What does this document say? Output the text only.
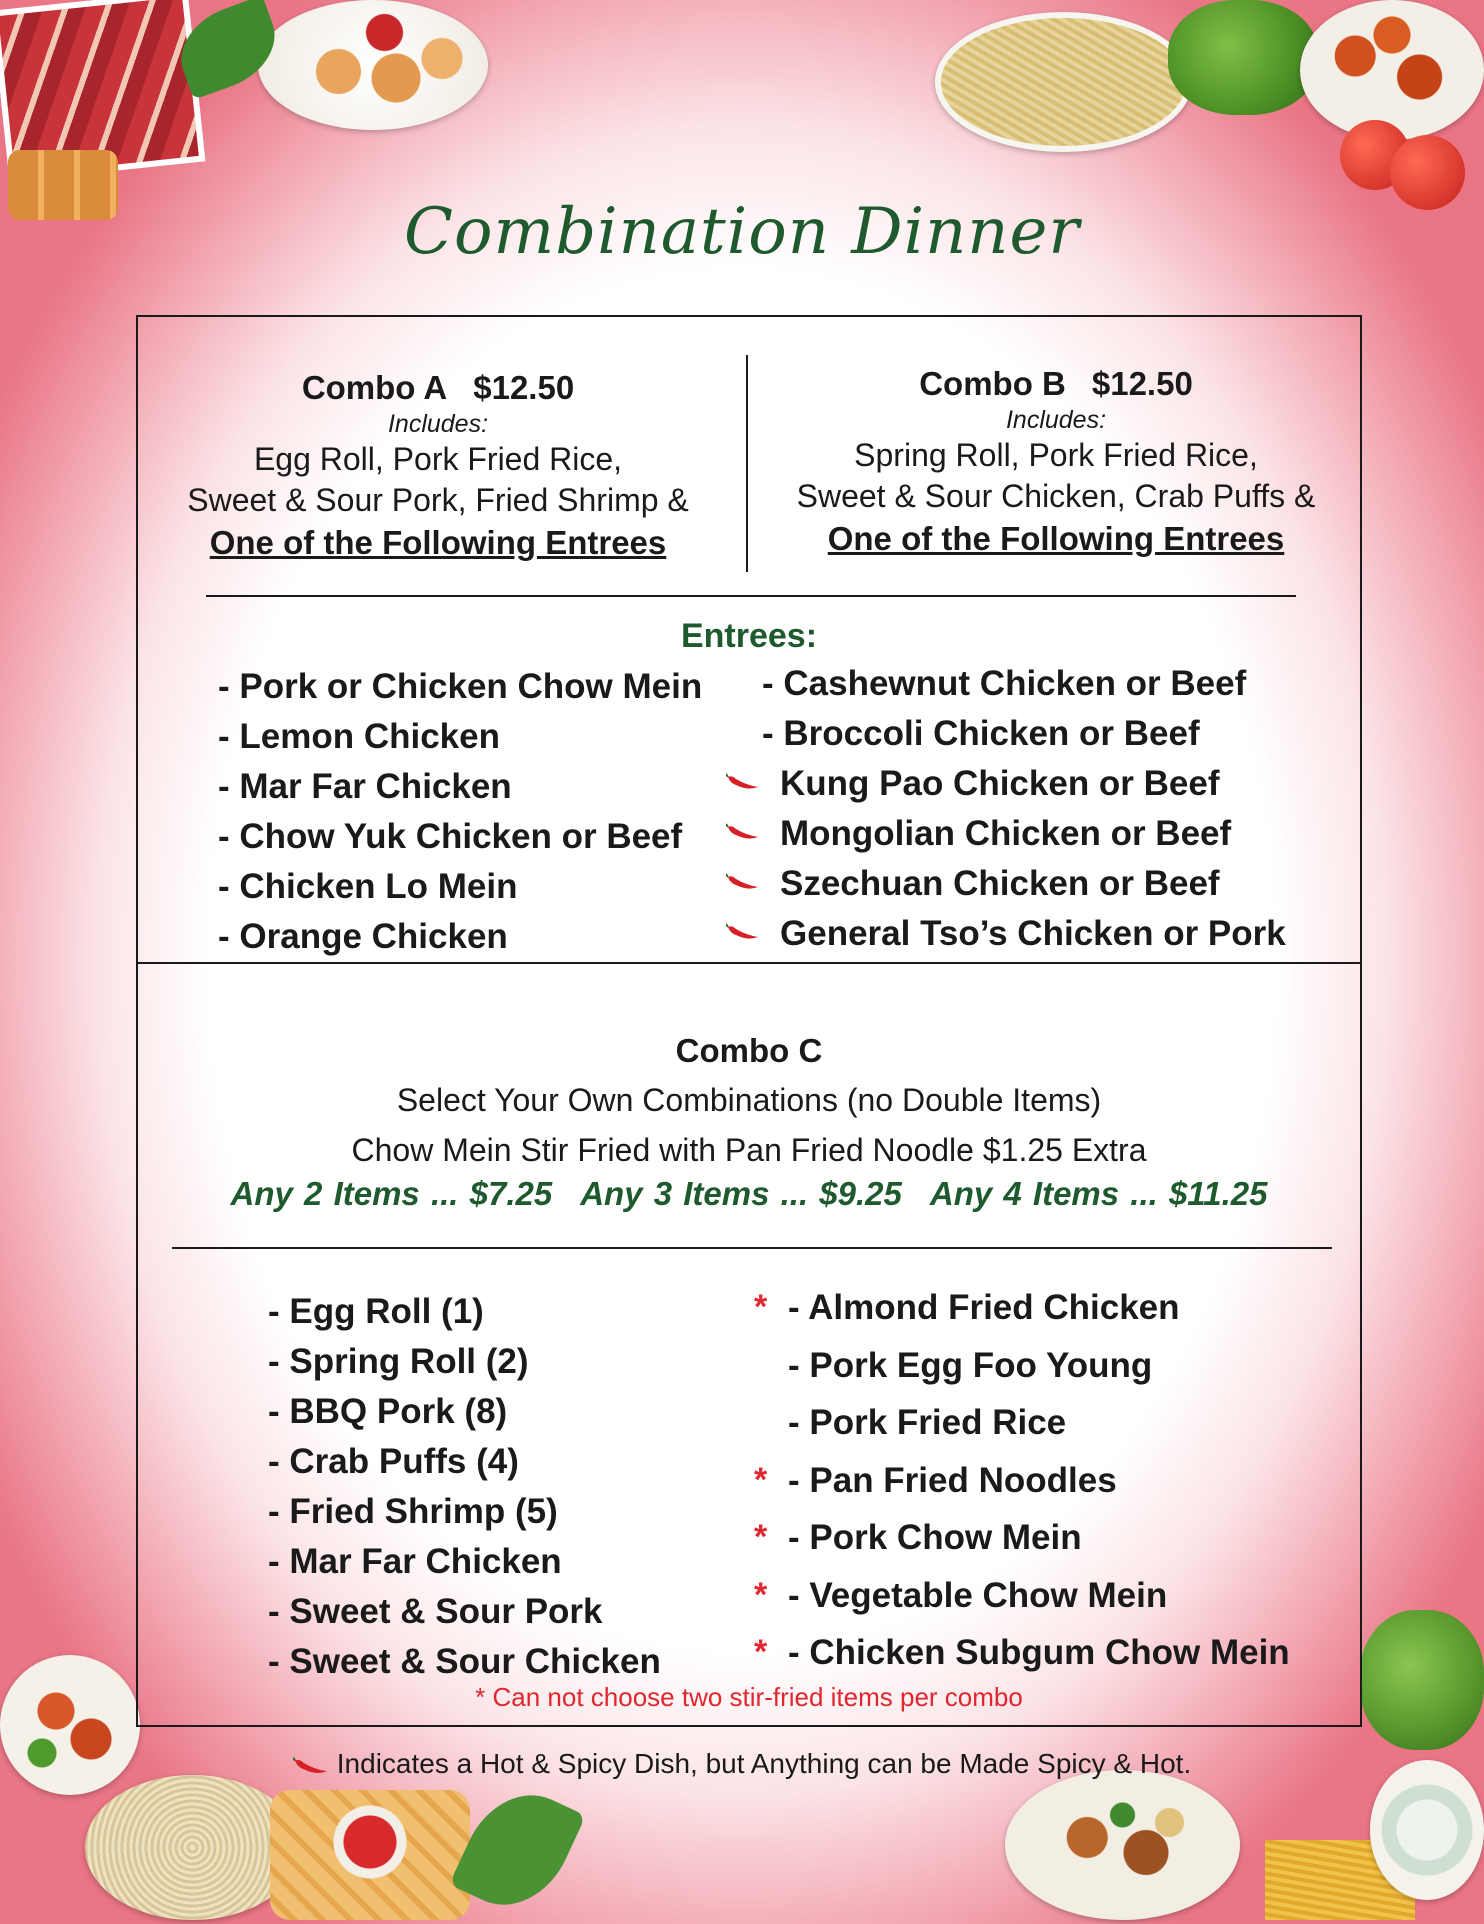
Combination Dinner
Combo A $12.50
Includes:
Egg Roll, Pork Fried Rice,
Sweet & Sour Pork, Fried Shrimp &
One of the Following Entrees
Combo B $12.50
Includes:
Spring Roll, Pork Fried Rice,
Sweet & Sour Chicken, Crab Puffs &
One of the Following Entrees
Entrees:
- Pork or Chicken Chow Mein
- Lemon Chicken
- Mar Far Chicken
- Chow Yuk Chicken or Beef
- Chicken Lo Mein
- Orange Chicken
- Cashewnut Chicken or Beef
- Broccoli Chicken or Beef
Kung Pao Chicken or Beef
Mongolian Chicken or Beef
Szechuan Chicken or Beef
General Tso’s Chicken or Pork
Combo C
Select Your Own Combinations (no Double Items)
Chow Mein Stir Fried with Pan Fried Noodle $1.25 Extra
Any 2 Items ... $7.25 Any 3 Items ... $9.25 Any 4 Items ... $11.25
- Egg Roll (1)
- Spring Roll (2)
- BBQ Pork (8)
- Crab Puffs (4)
- Fried Shrimp (5)
- Mar Far Chicken
- Sweet & Sour Pork
- Sweet & Sour Chicken
* - Almond Fried Chicken
- Pork Egg Foo Young
- Pork Fried Rice
* - Pan Fried Noodles
* - Pork Chow Mein
* - Vegetable Chow Mein
* - Chicken Subgum Chow Mein
* Can not choose two stir-fried items per combo
Indicates a Hot & Spicy Dish, but Anything can be Made Spicy & Hot.
